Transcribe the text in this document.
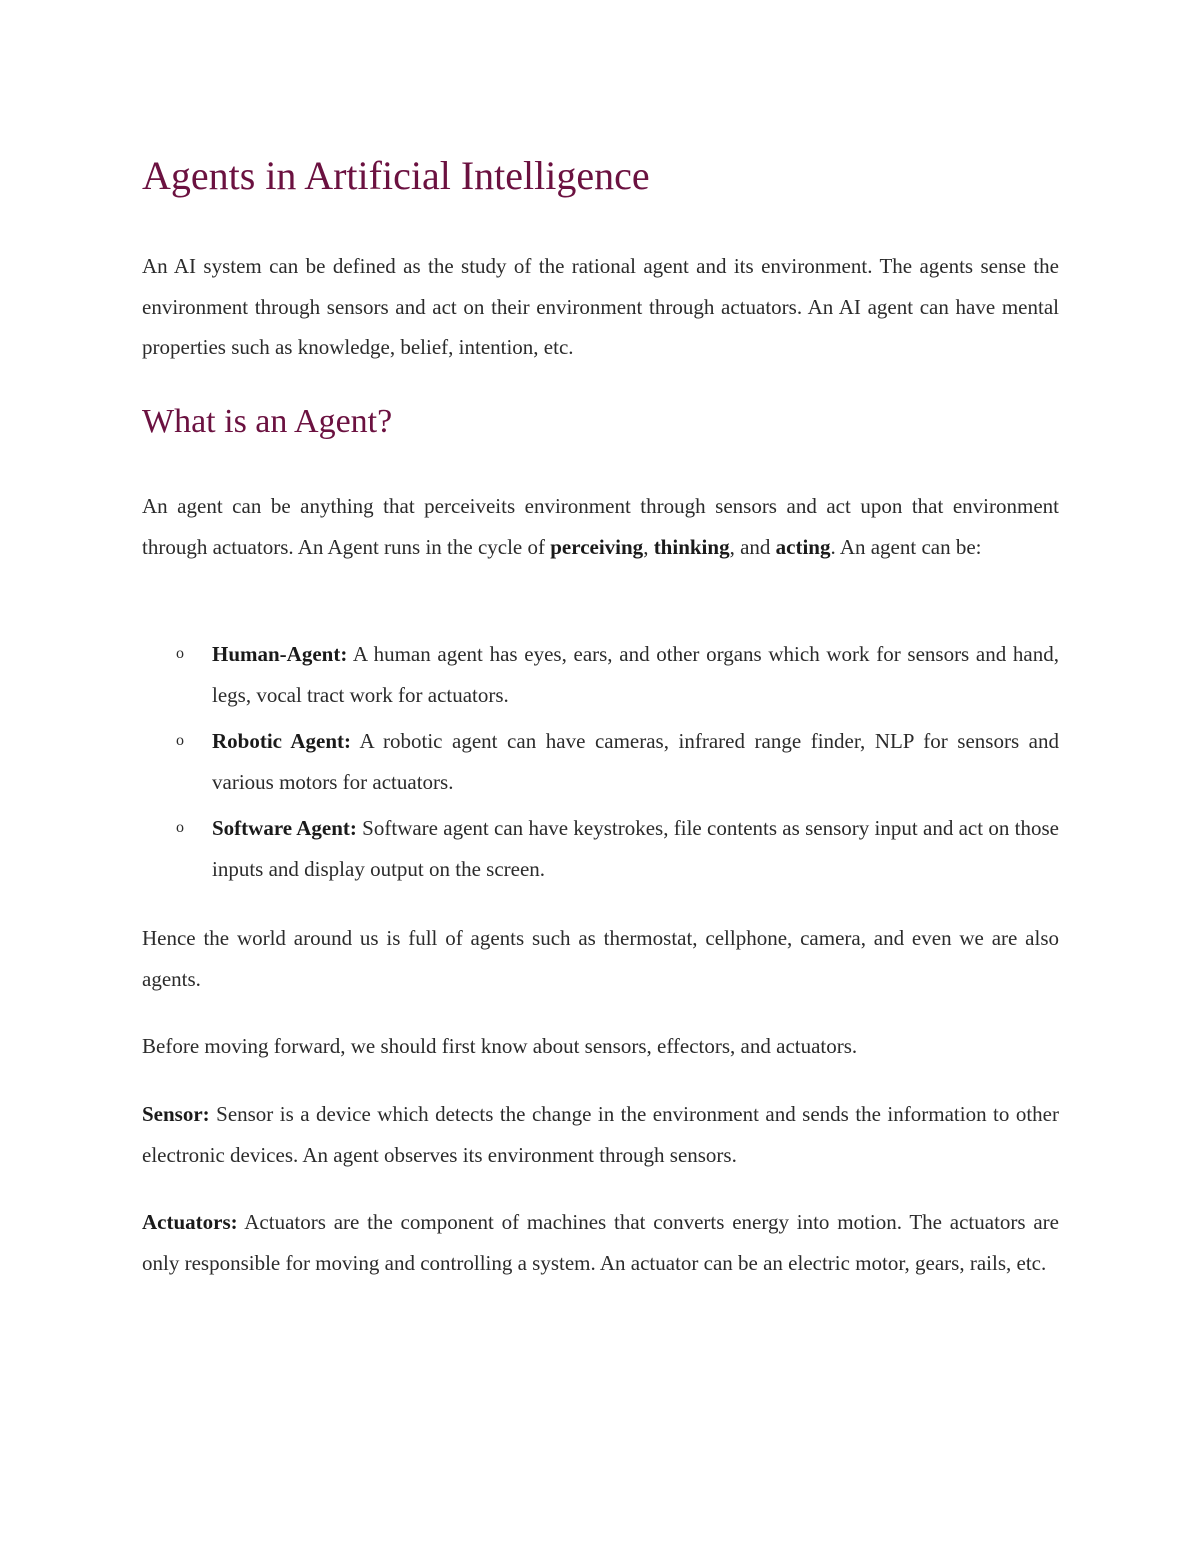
Agents in Artificial Intelligence

An AI system can be defined as the study of the rational agent and its environment. The agents sense the environment through sensors and act on their environment through actuators. An AI agent can have mental properties such as knowledge, belief, intention, etc.

What is an Agent?

An agent can be anything that perceiveits environment through sensors and act upon that environment through actuators. An Agent runs in the cycle of perceiving, thinking, and acting. An agent can be:

o Human-Agent: A human agent has eyes, ears, and other organs which work for sensors and hand, legs, vocal tract work for actuators.
o Robotic Agent: A robotic agent can have cameras, infrared range finder, NLP for sensors and various motors for actuators.
o Software Agent: Software agent can have keystrokes, file contents as sensory input and act on those inputs and display output on the screen.

Hence the world around us is full of agents such as thermostat, cellphone, camera, and even we are also agents.

Before moving forward, we should first know about sensors, effectors, and actuators.

Sensor: Sensor is a device which detects the change in the environment and sends the information to other electronic devices. An agent observes its environment through sensors.

Actuators: Actuators are the component of machines that converts energy into motion. The actuators are only responsible for moving and controlling a system. An actuator can be an electric motor, gears, rails, etc.
